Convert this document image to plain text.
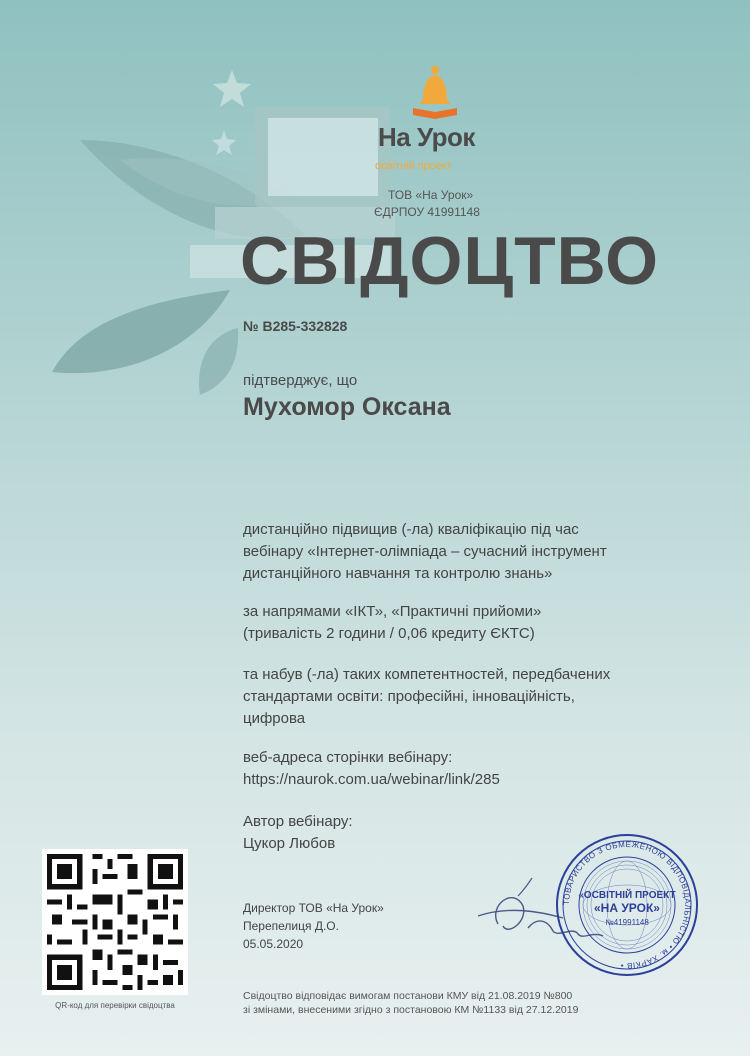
На Урок
освітній проект
ТОВ «На Урок»
ЄДРПОУ 41991148
СВІДОЦТВО
№ B285-332828
підтверджує, що
Мухомор Оксана
дистанційно підвищив (-ла) кваліфікацію під час
вебінару «Інтернет-олімпіада – сучасний інструмент
дистанційного навчання та контролю знань»
за напрямами «ІКТ», «Практичні прийоми»
(тривалість 2 години / 0,06 кредиту ЄКТС)
та набув (-ла) таких компетентностей, передбачених
стандартами освіти: професійні, інноваційність,
цифрова
веб-адреса сторінки вебінару:
https://naurok.com.ua/webinar/link/285
Автор вебінару:
Цукор Любов
Директор ТОВ «На Урок»
Перепелиця Д.О.
05.05.2020
Свідоцтво відповідає вимогам постанови КМУ від 21.08.2019 №800
зі змінами, внесеними згідно з постановою КМ №1133 від 27.12.2019
QR-код для перевірки свідоцтва
ТОВАРИСТВО З ОБМЕЖЕНОЮ ВІДПОВІДАЛЬНІСТЮ • м. ХАРКІВ •
«ОСВІТНІЙ ПРОЕКТ
«НА УРОК»
№41991148
